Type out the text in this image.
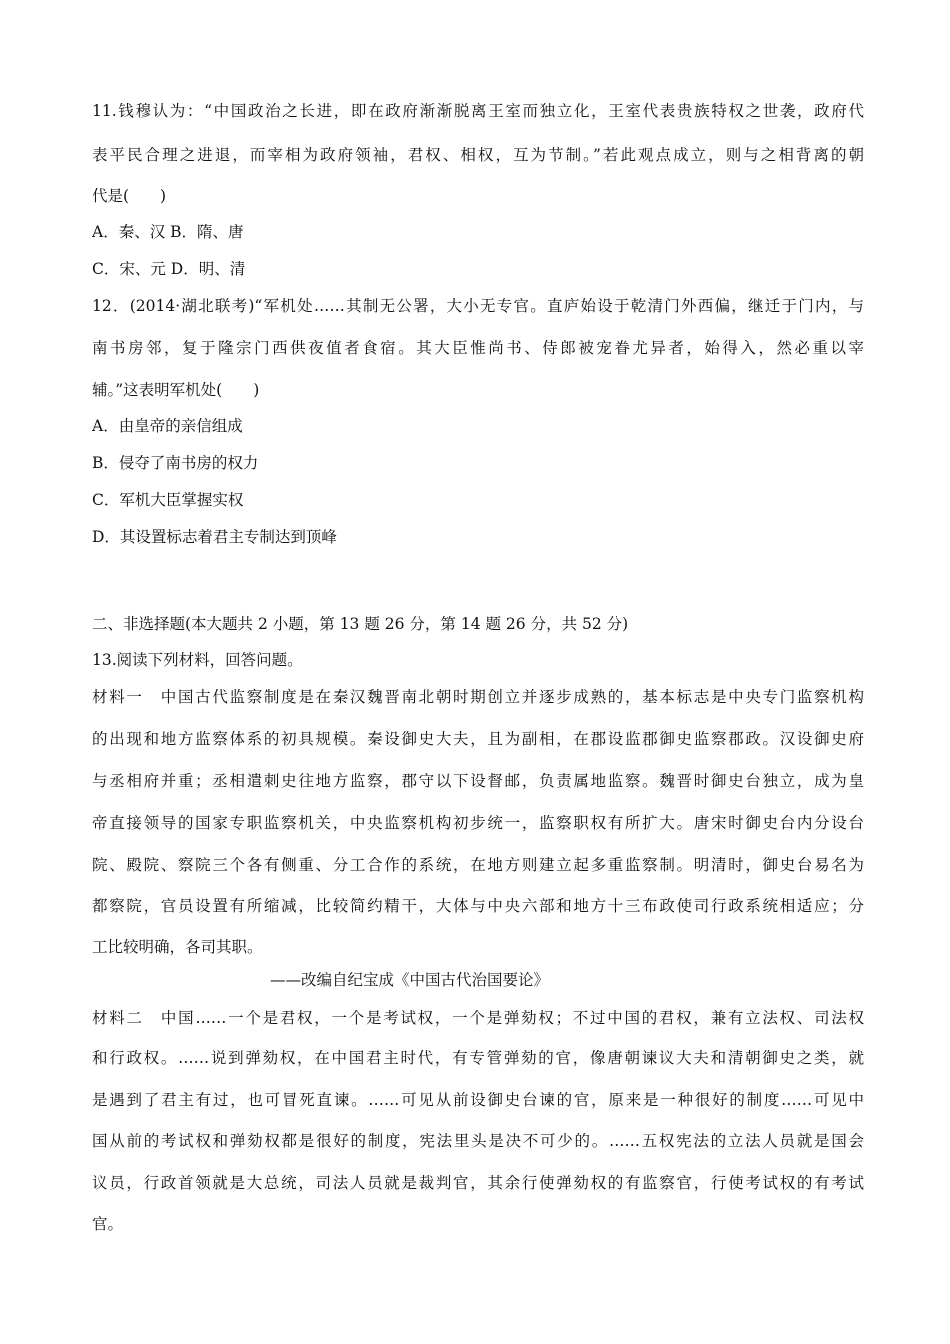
11.钱穆认为：“中国政治之长进，即在政府渐渐脱离王室而独立化，王室代表贵族特权之世袭，政府代
表平民合理之进退，而宰相为政府领袖，君权、相权，互为节制。”若此观点成立，则与之相背离的朝
代是(　　)
A．秦、汉 B．隋、唐
C．宋、元 D．明、清
12．(2014·湖北联考)“军机处……其制无公署，大小无专官。直庐始设于乾清门外西偏，继迁于门内，与
南书房邻，复于隆宗门西供夜值者食宿。其大臣惟尚书、侍郎被宠眷尤异者，始得入，然必重以宰
辅。”这表明军机处(　　)
A．由皇帝的亲信组成
B．侵夺了南书房的权力
C．军机大臣掌握实权
D．其设置标志着君主专制达到顶峰
二、非选择题(本大题共 2 小题，第 13 题 26 分，第 14 题 26 分，共 52 分)
13.阅读下列材料，回答问题。
材料一　中国古代监察制度是在秦汉魏晋南北朝时期创立并逐步成熟的，基本标志是中央专门监察机构
的出现和地方监察体系的初具规模。秦设御史大夫，且为副相，在郡设监郡御史监察郡政。汉设御史府
与丞相府并重；丞相遣刺史往地方监察，郡守以下设督邮，负责属地监察。魏晋时御史台独立，成为皇
帝直接领导的国家专职监察机关，中央监察机构初步统一，监察职权有所扩大。唐宋时御史台内分设台
院、殿院、察院三个各有侧重、分工合作的系统，在地方则建立起多重监察制。明清时，御史台易名为
都察院，官员设置有所缩减，比较简约精干，大体与中央六部和地方十三布政使司行政系统相适应；分
工比较明确，各司其职。
——改编自纪宝成《中国古代治国要论》
材料二　中国……一个是君权，一个是考试权，一个是弹劾权；不过中国的君权，兼有立法权、司法权
和行政权。……说到弹劾权，在中国君主时代，有专管弹劾的官，像唐朝谏议大夫和清朝御史之类，就
是遇到了君主有过，也可冒死直谏。……可见从前设御史台谏的官，原来是一种很好的制度……可见中
国从前的考试权和弹劾权都是很好的制度，宪法里头是决不可少的。……五权宪法的立法人员就是国会
议员，行政首领就是大总统，司法人员就是裁判官，其余行使弹劾权的有监察官，行使考试权的有考试
官。
